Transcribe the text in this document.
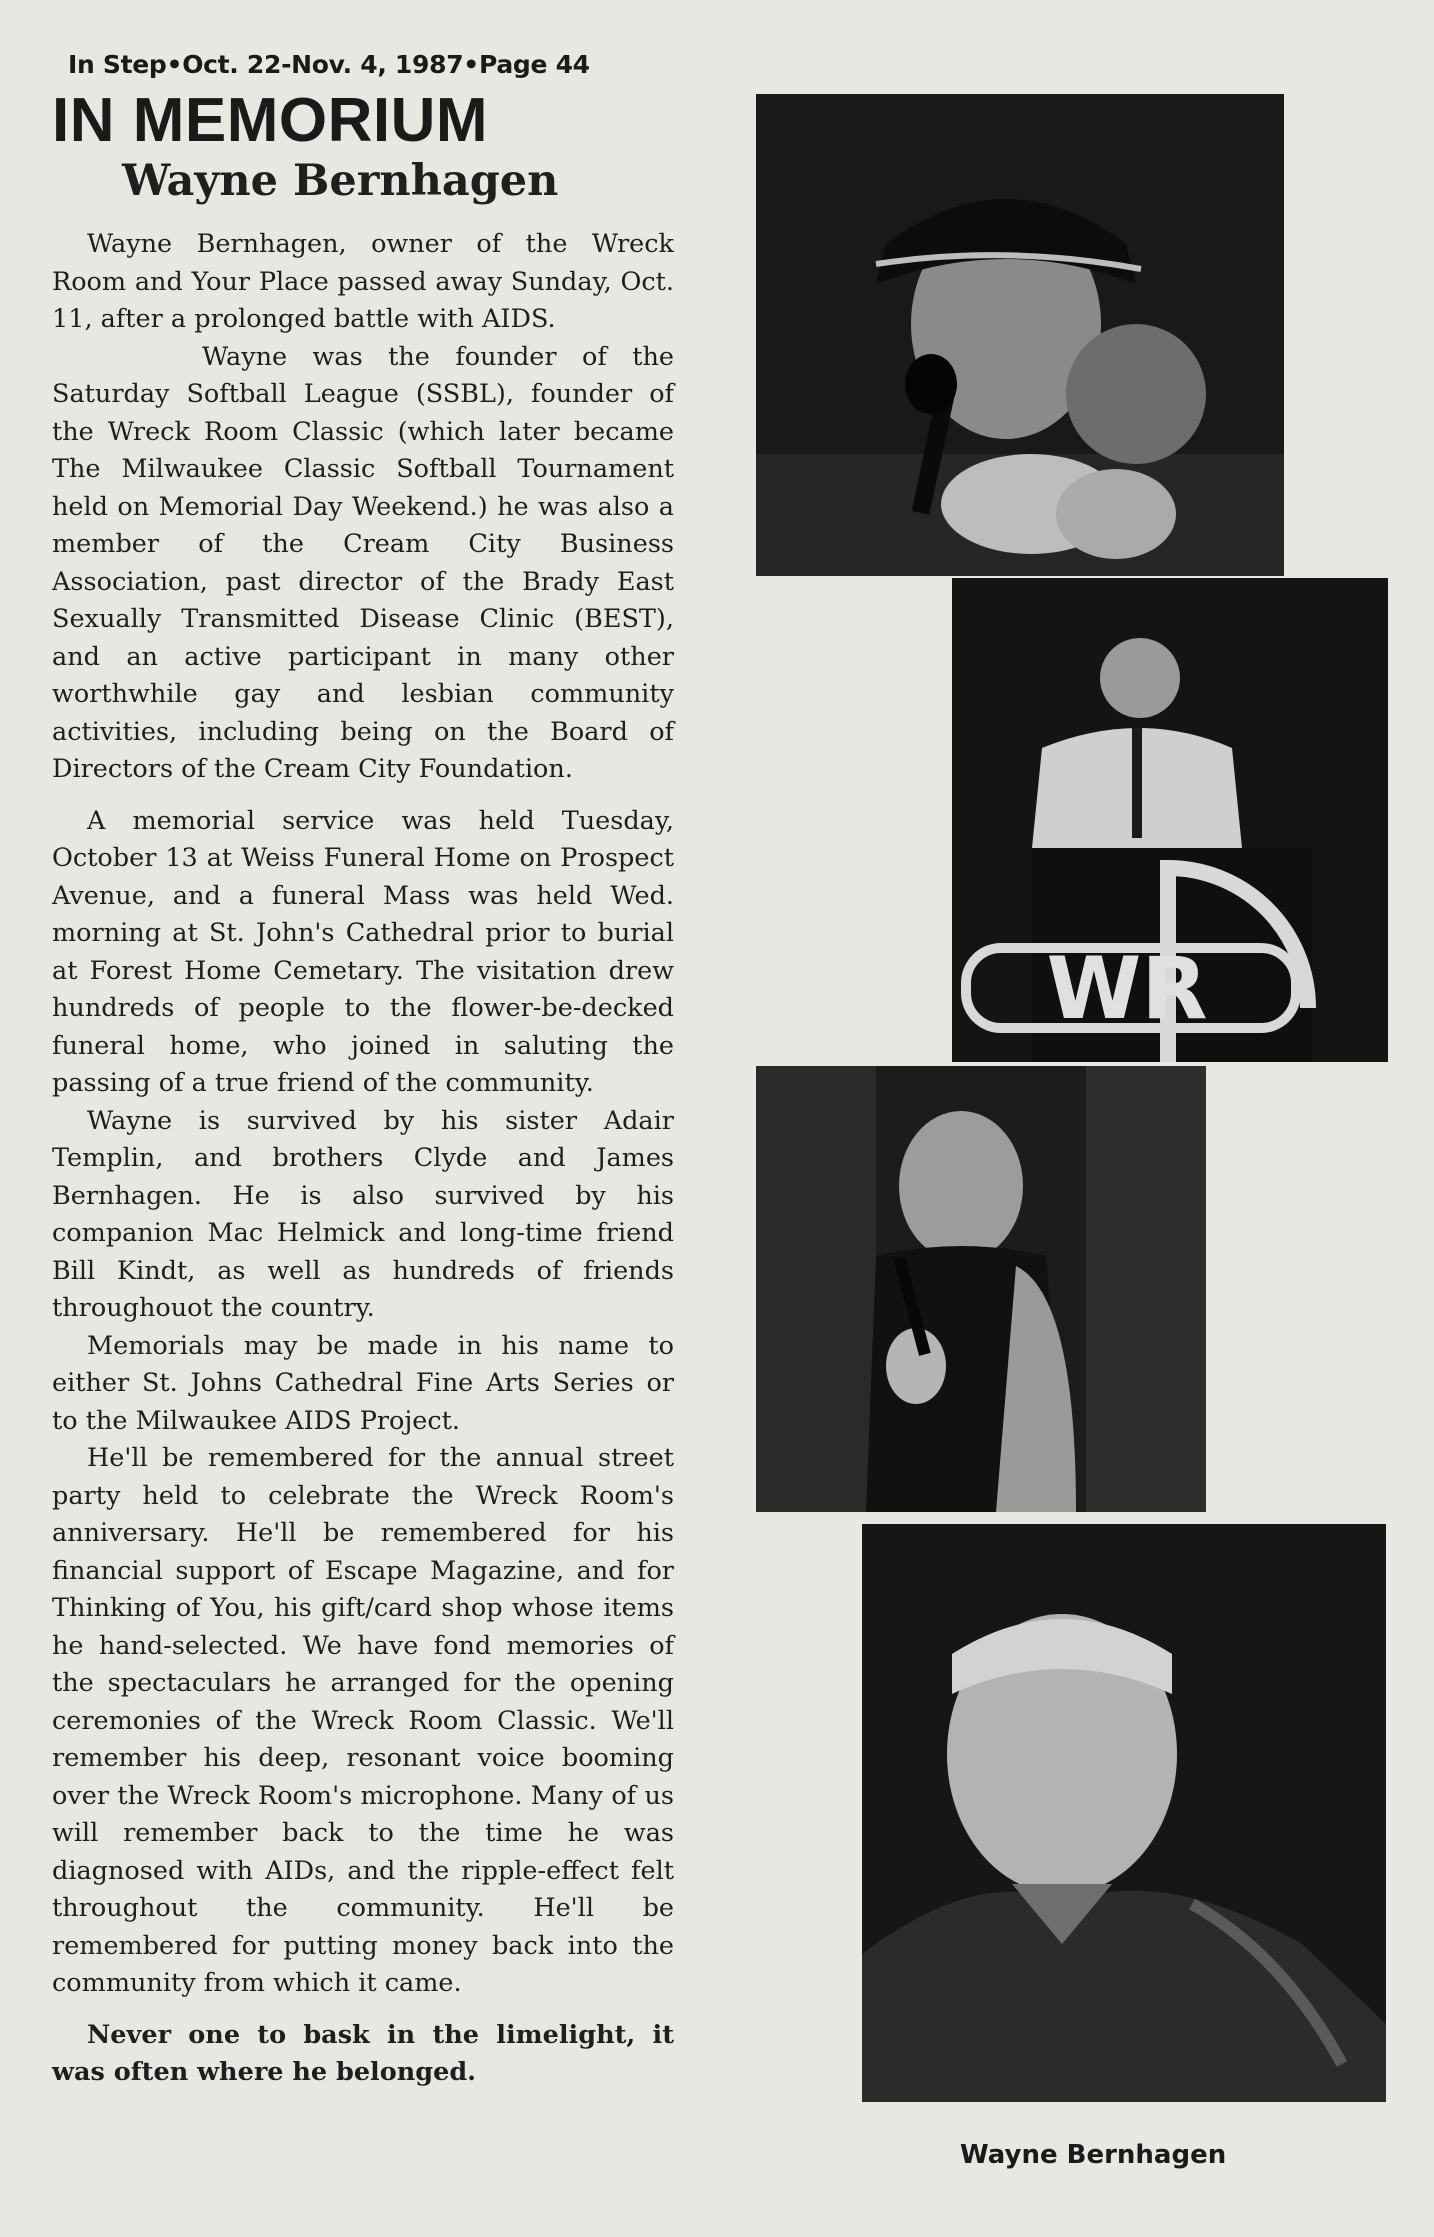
In Step•Oct. 22-Nov. 4, 1987•Page 44
IN MEMORIUM
Wayne Bernhagen

Wayne Bernhagen, owner of the Wreck Room and Your Place passed away Sunday, Oct. 11, after a prolonged battle with AIDS.

Wayne was the founder of the Saturday Softball League (SSBL), founder of the Wreck Room Classic (which later became The Milwaukee Classic Softball Tournament held on Memorial Day Weekend.) he was also a member of the Cream City Business Association, past director of the Brady East Sexually Transmitted Disease Clinic (BEST), and an active participant in many other worthwhile gay and lesbian community activities, including being on the Board of Directors of the Cream City Foundation.

A memorial service was held Tuesday, October 13 at Weiss Funeral Home on Prospect Avenue, and a funeral Mass was held Wed. morning at St. John's Cathedral prior to burial at Forest Home Cemetary. The visitation drew hundreds of people to the flower-be-decked funeral home, who joined in saluting the passing of a true friend of the community.

Wayne is survived by his sister Adair Templin, and brothers Clyde and James Bernhagen. He is also survived by his companion Mac Helmick and long-time friend Bill Kindt, as well as hundreds of friends throughouot the country.

Memorials may be made in his name to either St. Johns Cathedral Fine Arts Series or to the Milwaukee AIDS Project.

He'll be remembered for the annual street party held to celebrate the Wreck Room's anniversary. He'll be remembered for his financial support of Escape Magazine, and for Thinking of You, his gift/card shop whose items he hand-selected. We have fond memories of the spectaculars he arranged for the opening ceremonies of the Wreck Room Classic. We'll remember his deep, resonant voice booming over the Wreck Room's microphone. Many of us will remember back to the time he was diagnosed with AIDs, and the ripple-effect felt throughout the community. He'll be remembered for putting money back into the community from which it came.

Never one to bask in the limelight, it was often where he belonged.

WR
Wayne Bernhagen
